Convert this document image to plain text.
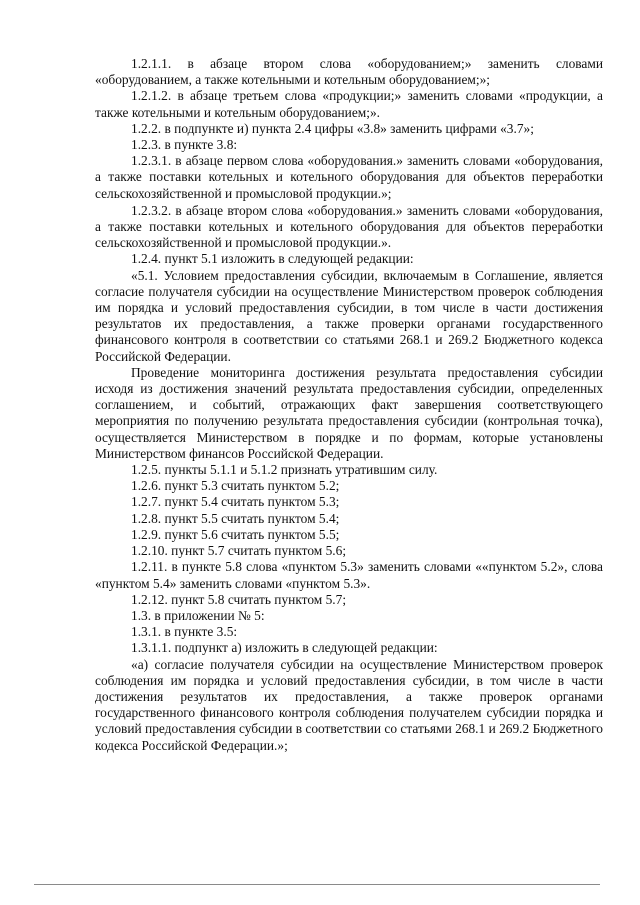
1.2.1.1. в абзаце втором слова «оборудованием;» заменить словами «оборудованием, а также котельными и котельным оборудованием;»;

1.2.1.2. в абзаце третьем слова «продукции;» заменить словами «продукции, а также котельными и котельным оборудованием;».

1.2.2. в подпункте и) пункта 2.4 цифры «3.8» заменить цифрами «3.7»;

1.2.3. в пункте 3.8:

1.2.3.1. в абзаце первом слова «оборудования.» заменить словами «оборудования, а также поставки котельных и котельного оборудования для объектов переработки сельскохозяйственной и промысловой продукции.»;

1.2.3.2. в абзаце втором слова «оборудования.» заменить словами «оборудования, а также поставки котельных и котельного оборудования для объектов переработки сельскохозяйственной и промысловой продукции.».

1.2.4. пункт 5.1 изложить в следующей редакции:

«5.1. Условием предоставления субсидии, включаемым в Соглашение, является согласие получателя субсидии на осуществление Министерством проверок соблюдения им порядка и условий предоставления субсидии, в том числе в части достижения результатов их предоставления, а также проверки органами государственного финансового контроля в соответствии со статьями 268.1 и 269.2 Бюджетного кодекса Российской Федерации.

Проведение мониторинга достижения результата предоставления субсидии исходя из достижения значений результата предоставления субсидии, определенных соглашением, и событий, отражающих факт завершения соответствующего мероприятия по получению результата предоставления субсидии (контрольная точка), осуществляется Министерством в порядке и по формам, которые установлены Министерством финансов Российской Федерации.

1.2.5. пункты 5.1.1 и 5.1.2 признать утратившим силу.

1.2.6. пункт 5.3 считать пунктом 5.2;

1.2.7. пункт 5.4 считать пунктом 5.3;

1.2.8. пункт 5.5 считать пунктом 5.4;

1.2.9. пункт 5.6 считать пунктом 5.5;

1.2.10. пункт 5.7 считать пунктом 5.6;

1.2.11. в пункте 5.8 слова «пунктом 5.3» заменить словами ««пунктом 5.2», слова «пунктом 5.4» заменить словами «пунктом 5.3».

1.2.12. пункт 5.8 считать пунктом 5.7;

1.3. в приложении № 5:

1.3.1. в пункте 3.5:

1.3.1.1. подпункт а) изложить в следующей редакции:

«а) согласие получателя субсидии на осуществление Министерством проверок соблюдения им порядка и условий предоставления субсидии, в том числе в части достижения результатов их предоставления, а также проверок органами государственного финансового контроля соблюдения получателем субсидии порядка и условий предоставления субсидии в соответствии со статьями 268.1 и 269.2 Бюджетного кодекса Российской Федерации.»;
